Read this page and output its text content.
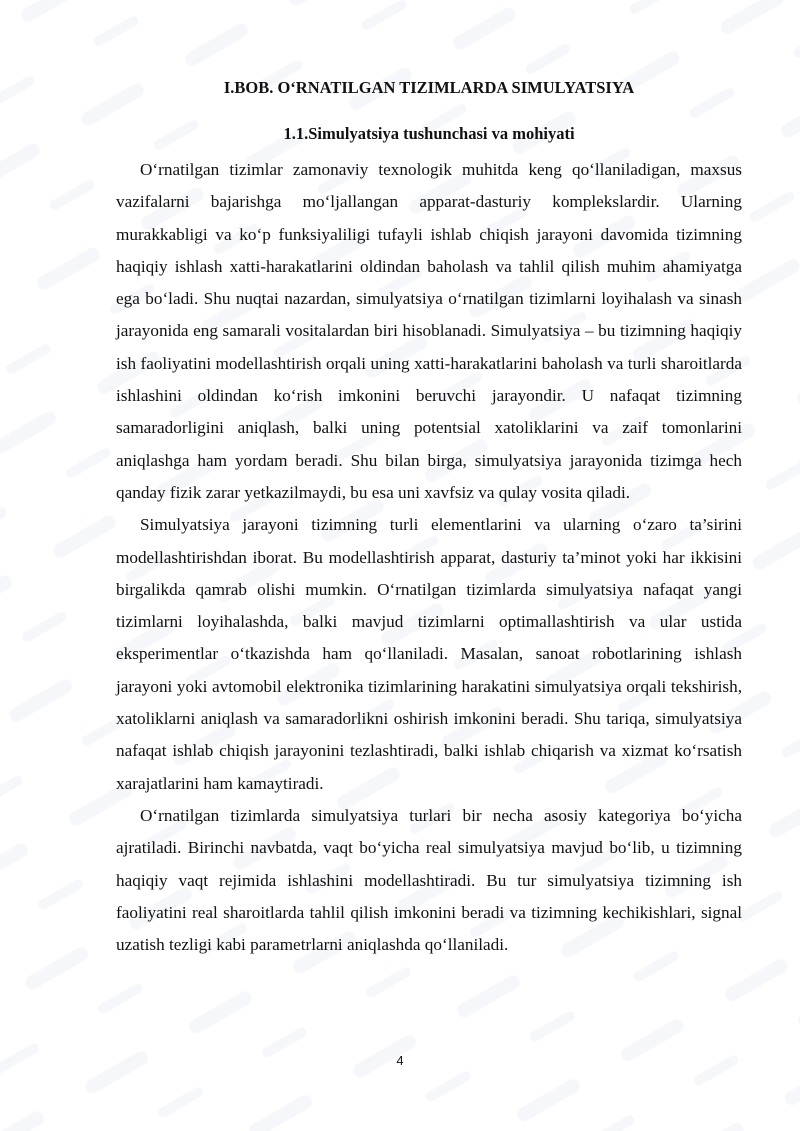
I.BOB. O‘RNATILGAN TIZIMLARDA SIMULYATSIYA
1.1.Simulyatsiya tushunchasi va mohiyati

O‘rnatilgan tizimlar zamonaviy texnologik muhitda keng qo‘llaniladigan, maxsus vazifalarni bajarishga mo‘ljallangan apparat-dasturiy komplekslardir. Ularning murakkabligi va ko‘p funksiyaliligi tufayli ishlab chiqish jarayoni davomida tizimning haqiqiy ishlash xatti-harakatlarini oldindan baholash va tahlil qilish muhim ahamiyatga ega bo‘ladi. Shu nuqtai nazardan, simulyatsiya o‘rnatilgan tizimlarni loyihalash va sinash jarayonida eng samarali vositalardan biri hisoblanadi. Simulyatsiya – bu tizimning haqiqiy ish faoliyatini modellashtirish orqali uning xatti-harakatlarini baholash va turli sharoitlarda ishlashini oldindan ko‘rish imkonini beruvchi jarayondir. U nafaqat tizimning samaradorligini aniqlash, balki uning potentsial xatoliklarini va zaif tomonlarini aniqlashga ham yordam beradi. Shu bilan birga, simulyatsiya jarayonida tizimga hech qanday fizik zarar yetkazilmaydi, bu esa uni xavfsiz va qulay vosita qiladi.

Simulyatsiya jarayoni tizimning turli elementlarini va ularning o‘zaro ta’sirini modellashtirishdan iborat. Bu modellashtirish apparat, dasturiy ta’minot yoki har ikkisini birgalikda qamrab olishi mumkin. O‘rnatilgan tizimlarda simulyatsiya nafaqat yangi tizimlarni loyihalashda, balki mavjud tizimlarni optimallashtirish va ular ustida eksperimentlar o‘tkazishda ham qo‘llaniladi. Masalan, sanoat robotlarining ishlash jarayoni yoki avtomobil elektronika tizimlarining harakatini simulyatsiya orqali tekshirish, xatoliklarni aniqlash va samaradorlikni oshirish imkonini beradi. Shu tariqa, simulyatsiya nafaqat ishlab chiqish jarayonini tezlashtiradi, balki ishlab chiqarish va xizmat ko‘rsatish xarajatlarini ham kamaytiradi.

O‘rnatilgan tizimlarda simulyatsiya turlari bir necha asosiy kategoriya bo‘yicha ajratiladi. Birinchi navbatda, vaqt bo‘yicha real simulyatsiya mavjud bo‘lib, u tizimning haqiqiy vaqt rejimida ishlashini modellashtiradi. Bu tur simulyatsiya tizimning ish faoliyatini real sharoitlarda tahlil qilish imkonini beradi va tizimning kechikishlari, signal uzatish tezligi kabi parametrlarni aniqlashda qo‘llaniladi.

4
